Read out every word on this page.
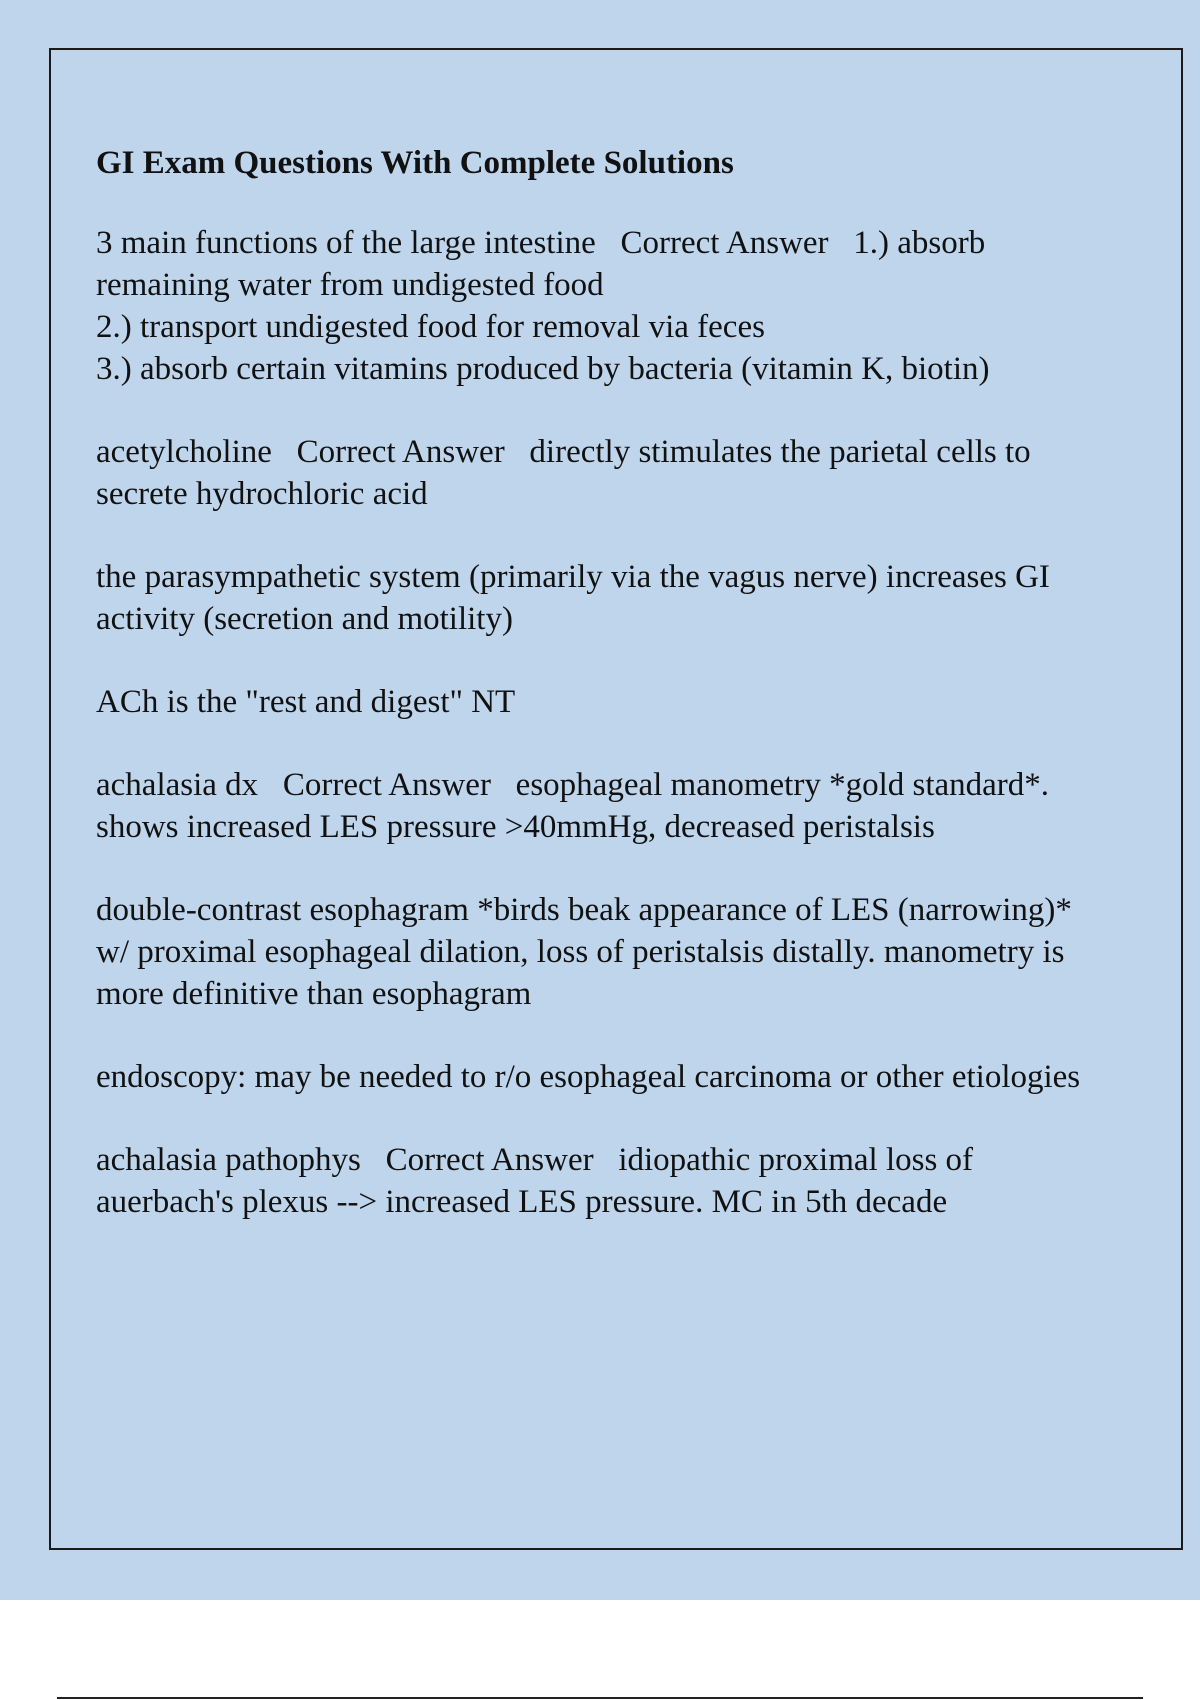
GI Exam Questions With Complete Solutions

3 main functions of the large intestine   Correct Answer   1.) absorb remaining water from undigested food
2.) transport undigested food for removal via feces
3.) absorb certain vitamins produced by bacteria (vitamin K, biotin)

acetylcholine   Correct Answer   directly stimulates the parietal cells to secrete hydrochloric acid

the parasympathetic system (primarily via the vagus nerve) increases GI activity (secretion and motility)

ACh is the "rest and digest" NT

achalasia dx   Correct Answer   esophageal manometry *gold standard*. shows increased LES pressure >40mmHg, decreased peristalsis

double-contrast esophagram *birds beak appearance of LES (narrowing)* w/ proximal esophageal dilation, loss of peristalsis distally. manometry is more definitive than esophagram

endoscopy: may be needed to r/o esophageal carcinoma or other etiologies

achalasia pathophys   Correct Answer   idiopathic proximal loss of auerbach's plexus --> increased LES pressure. MC in 5th decade
